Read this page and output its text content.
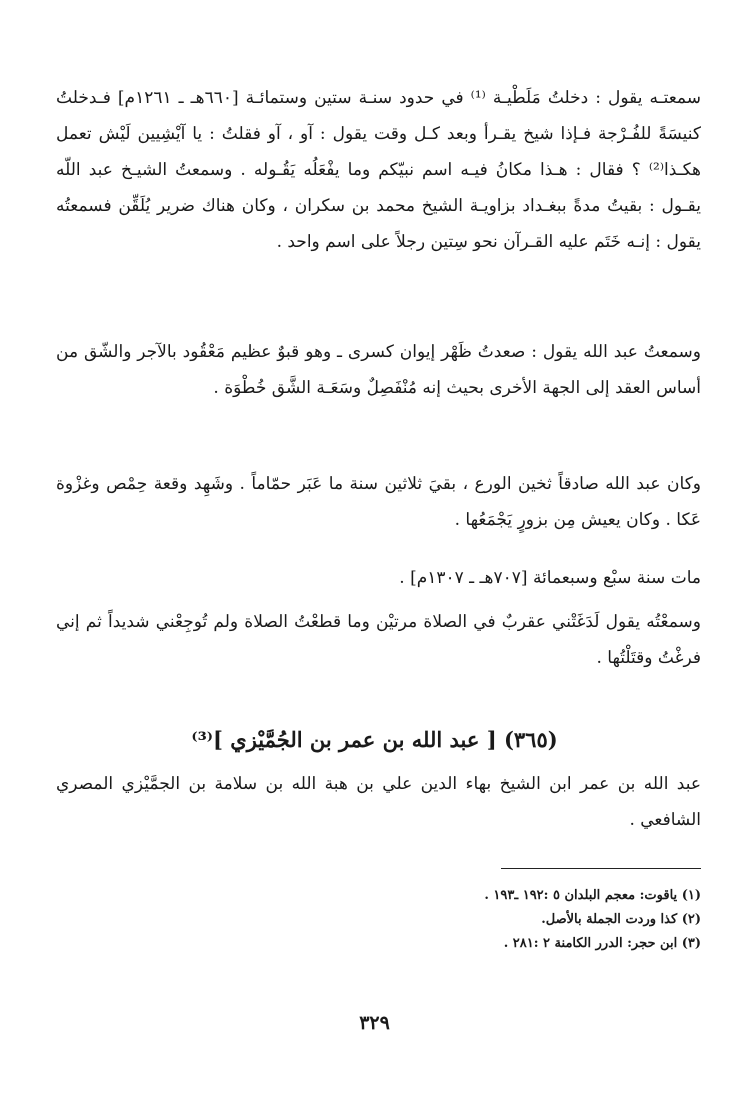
سمعتـه يقول : دخلتُ مَلَطْيـة ⁽¹⁾ في حدود سنـة ستين وستمائـة [٦٦٠هـ ـ ١٢٦١م] فـدخلتُ كنيسَةً للفُـرْجة فـإذا شيخ يقـرأ وبعد كـل وقت يقول : آو ، آو فقلتُ : يا آيْشِيين لَيْش تعمل هكـذا⁽²⁾ ؟ فقال : هـذا مكانُ فيـه اسم نبيّكم وما يفْعَلُه يَقُـوله . وسمعتُ الشيـخ عبد اللّه يقـول : بقيتُ مدةً ببغـداد بزاويـة الشيخ محمد بن سكران ، وكان هناك ضرير يُلَقِّن فسمعتُه يقول : إنـه خَتَم عليه القـرآن نحو سِتين رجلاً على اسم واحد .

وسمعتُ عبد الله يقول : صعدتُ ظَهْر إيوان كسرى ـ وهو قبوٌ عظيم مَعْقُود بالآجر والشّق من أساس العقد إلى الجهة الأخرى بحيث إنه مُنْفَصِلٌ وسَعَـة الشَّق خُطْوَة .

وكان عبد الله صادقاً ثخين الورع ، بقيَ ثلاثين سنة ما عَبَر حمّاماً . وشَهِد وقعة حِمْص وغزْوة عَكا . وكان يعيش مِن بزورٍ يَجْمَعُها .

مات سنة سبْع وسبعمائة [٧٠٧هـ ـ ١٣٠٧م] .

وسمعْتُه يقول لَدَغَتْني عقربٌ في الصلاة مرتيْن وما قطعْتُ الصلاة ولم تُوجِعْني شديداً ثم إني فرغْتُ وقتَلْتُها .

(٣٦٥) [ عبد الله بن عمر بن الجُمَّيْزي ]⁽³⁾

عبد الله بن عمر ابن الشيخ بهاء الدين علي بن هبة الله بن سلامة بن الجمَّيْزي المصري الشافعي .

(١) ياقوت: معجم البلدان ٥ :١٩٢ ـ١٩٣ .
(٢) كذا وردت الجملة بالأصل.
(٣) ابن حجر: الدرر الكامنة ٢ :٢٨١ .
٣٢٩
